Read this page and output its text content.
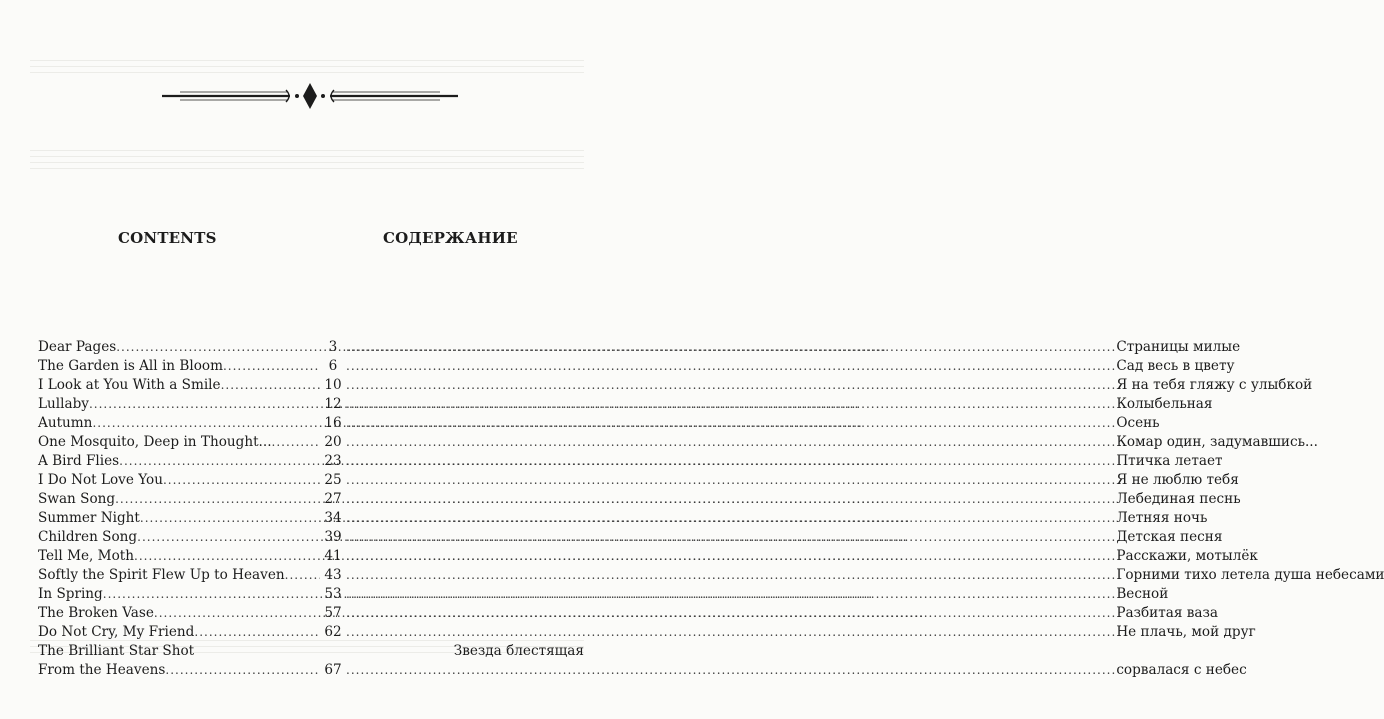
CONTENTS	СОДЕРЖАНИЕ
Dear Pages .....	3 .....	Страницы милые
The Garden is All in Bloom .....	6 .....	Сад весь в цвету
I Look at You With a Smile .....	10 .....	Я на тебя гляжу с улыбкой
Lullaby .....	12 .....	Колыбельная
Autumn .....	16 .....	Осень
One Mosquito, Deep in Thought... .....	20 .....	Комар один, задумавшись...
A Bird Flies .....	23 .....	Птичка летает
I Do Not Love You .....	25 .....	Я не люблю тебя
Swan Song .....	27 .....	Лебединая песнь
Summer Night .....	34 .....	Летняя ночь
Children Song .....	39 .....	Детская песня
Tell Me, Moth .....	41 .....	Расскажи, мотылёк
Softly the Spirit Flew Up to Heaven .....	43 .....	Горними тихо летела душа небесами
In Spring .....	53 .....	Весной
The Broken Vase .....	57 .....	Разбитая ваза
Do Not Cry, My Friend .....	62 .....	Не плачь, мой друг
The Brilliant Star Shot	Звезда блестящая
From the Heavens .....	67 .....	сорвалася с небес
